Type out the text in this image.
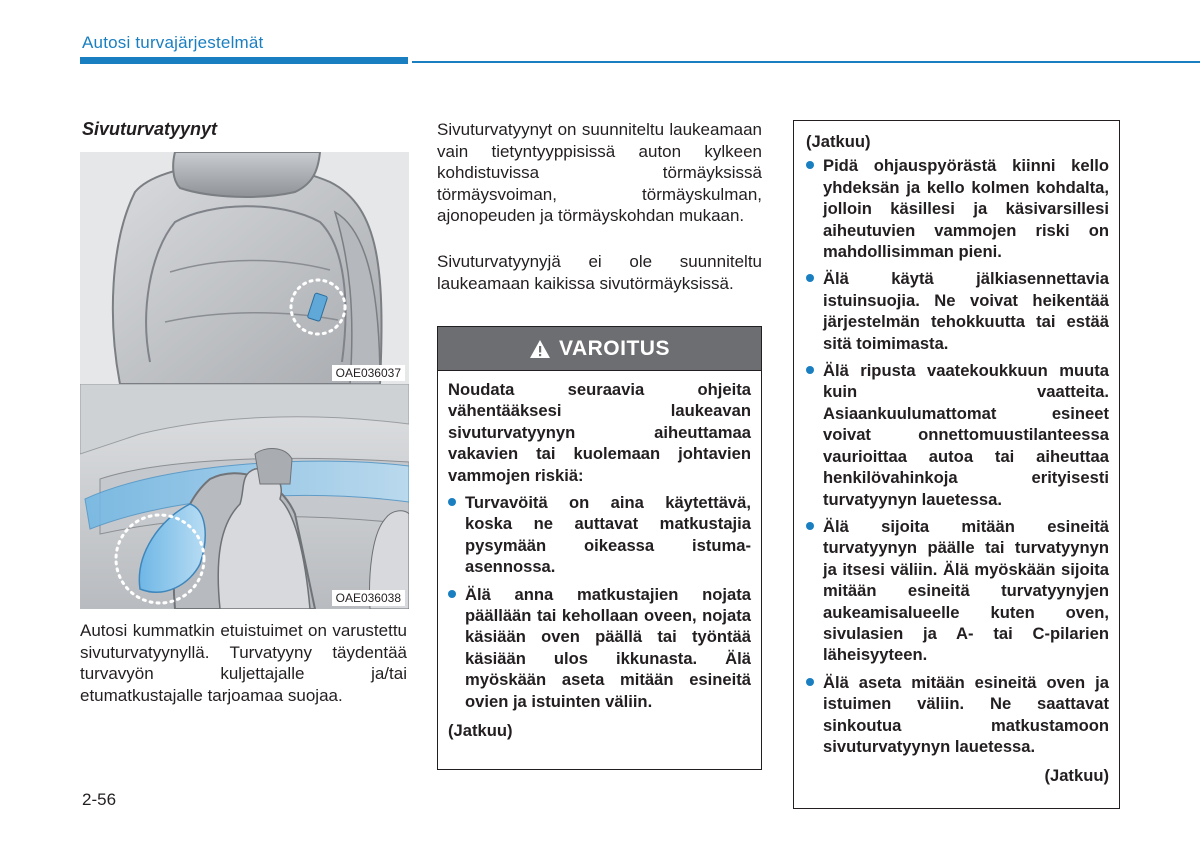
Autosi turvajärjestelmät
Sivuturvatyynyt
OAE036037
OAE036038

Autosi kummatkin etuistuimet on varustettu sivuturvatyynyllä. Turvatyyny täydentää turvavyön kuljettajalle ja/tai etumatkustajalle tarjoamaa suojaa.

Sivuturvatyynyt on suunniteltu laukeamaan vain tietyntyyppisissä auton kylkeen kohdistuvissa törmäyksissä törmäysvoiman, törmäyskulman, ajonopeuden ja törmäyskohdan mukaan.

Sivuturvatyynyjä ei ole suunniteltu laukeamaan kaikissa sivutörmäyksissä.

VAROITUS

Noudata seuraavia ohjeita vähentääksesi laukeavan sivuturvatyynyn aiheuttamaa vakavien tai kuolemaan johtavien vammojen riskiä:

Turvavöitä on aina käytettävä, koska ne auttavat matkustajia pysymään oikeassa istuma-asennossa.
Älä anna matkustajien nojata päällään tai kehollaan oveen, nojata käsiään oven päällä tai työntää käsiään ulos ikkunasta. Älä myöskään aseta mitään esineitä ovien ja istuinten väliin.

(Jatkuu)

(Jatkuu)

Pidä ohjauspyörästä kiinni kello yhdeksän ja kello kolmen kohdalta, jolloin käsillesi ja käsivarsillesi aiheutuvien vammojen riski on mahdollisimman pieni.
Älä käytä jälkiasennettavia istuinsuojia. Ne voivat heikentää järjestelmän tehokkuutta tai estää sitä toimimasta.
Älä ripusta vaatekoukkuun muuta kuin vaatteita. Asiaankuulumattomat esineet voivat onnettomuustilanteessa vaurioittaa autoa tai aiheuttaa henkilövahinkoja erityisesti turvatyynyn lauetessa.
Älä sijoita mitään esineitä turvatyynyn päälle tai turvatyynyn ja itsesi väliin. Älä myöskään sijoita mitään esineitä turvatyynyjen aukeamisalueelle kuten oven, sivulasien ja A- tai C-pilarien läheisyyteen.
Älä aseta mitään esineitä oven ja istuimen väliin. Ne saattavat sinkoutua matkustamoon sivuturvatyynyn lauetessa.

(Jatkuu)

2-56
